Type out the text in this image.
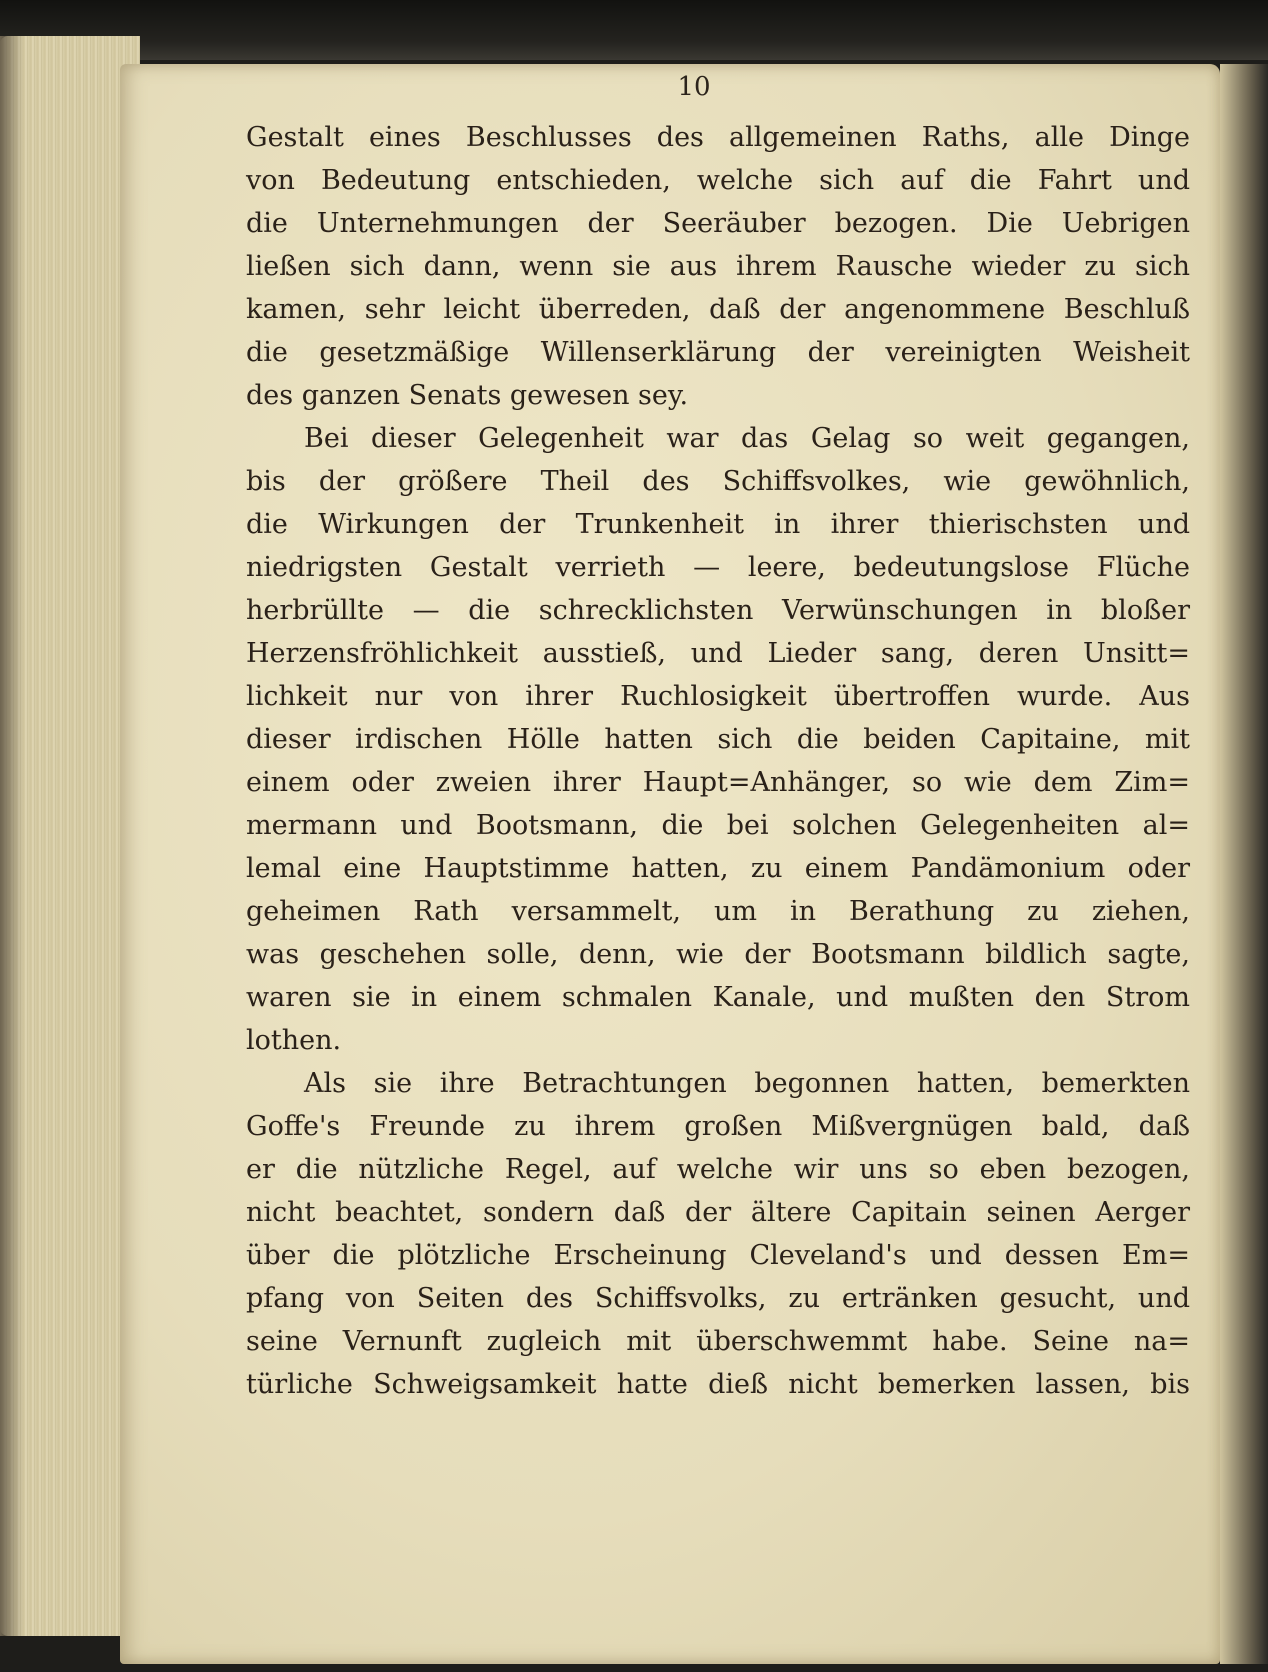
10
Gestalt eines Beschlusses des allgemeinen Raths, alle Dinge
von Bedeutung entschieden, welche sich auf die Fahrt und
die Unternehmungen der Seeräuber bezogen. Die Uebrigen
ließen sich dann, wenn sie aus ihrem Rausche wieder zu sich
kamen, sehr leicht überreden, daß der angenommene Beschluß
die gesetzmäßige Willenserklärung der vereinigten Weisheit
des ganzen Senats gewesen sey.
Bei dieser Gelegenheit war das Gelag so weit gegangen,
bis der größere Theil des Schiffsvolkes, wie gewöhnlich,
die Wirkungen der Trunkenheit in ihrer thierischsten und
niedrigsten Gestalt verrieth — leere, bedeutungslose Flüche
herbrüllte — die schrecklichsten Verwünschungen in bloßer
Herzensfröhlichkeit ausstieß, und Lieder sang, deren Unsitt=
lichkeit nur von ihrer Ruchlosigkeit übertroffen wurde. Aus
dieser irdischen Hölle hatten sich die beiden Capitaine, mit
einem oder zweien ihrer Haupt=Anhänger, so wie dem Zim=
mermann und Bootsmann, die bei solchen Gelegenheiten al=
lemal eine Hauptstimme hatten, zu einem Pandämonium oder
geheimen Rath versammelt, um in Berathung zu ziehen,
was geschehen solle, denn, wie der Bootsmann bildlich sagte,
waren sie in einem schmalen Kanale, und mußten den Strom
lothen.
Als sie ihre Betrachtungen begonnen hatten, bemerkten
Goffe's Freunde zu ihrem großen Mißvergnügen bald, daß
er die nützliche Regel, auf welche wir uns so eben bezogen,
nicht beachtet, sondern daß der ältere Capitain seinen Aerger
über die plötzliche Erscheinung Cleveland's und dessen Em=
pfang von Seiten des Schiffsvolks, zu ertränken gesucht, und
seine Vernunft zugleich mit überschwemmt habe. Seine na=
türliche Schweigsamkeit hatte dieß nicht bemerken lassen, bis
